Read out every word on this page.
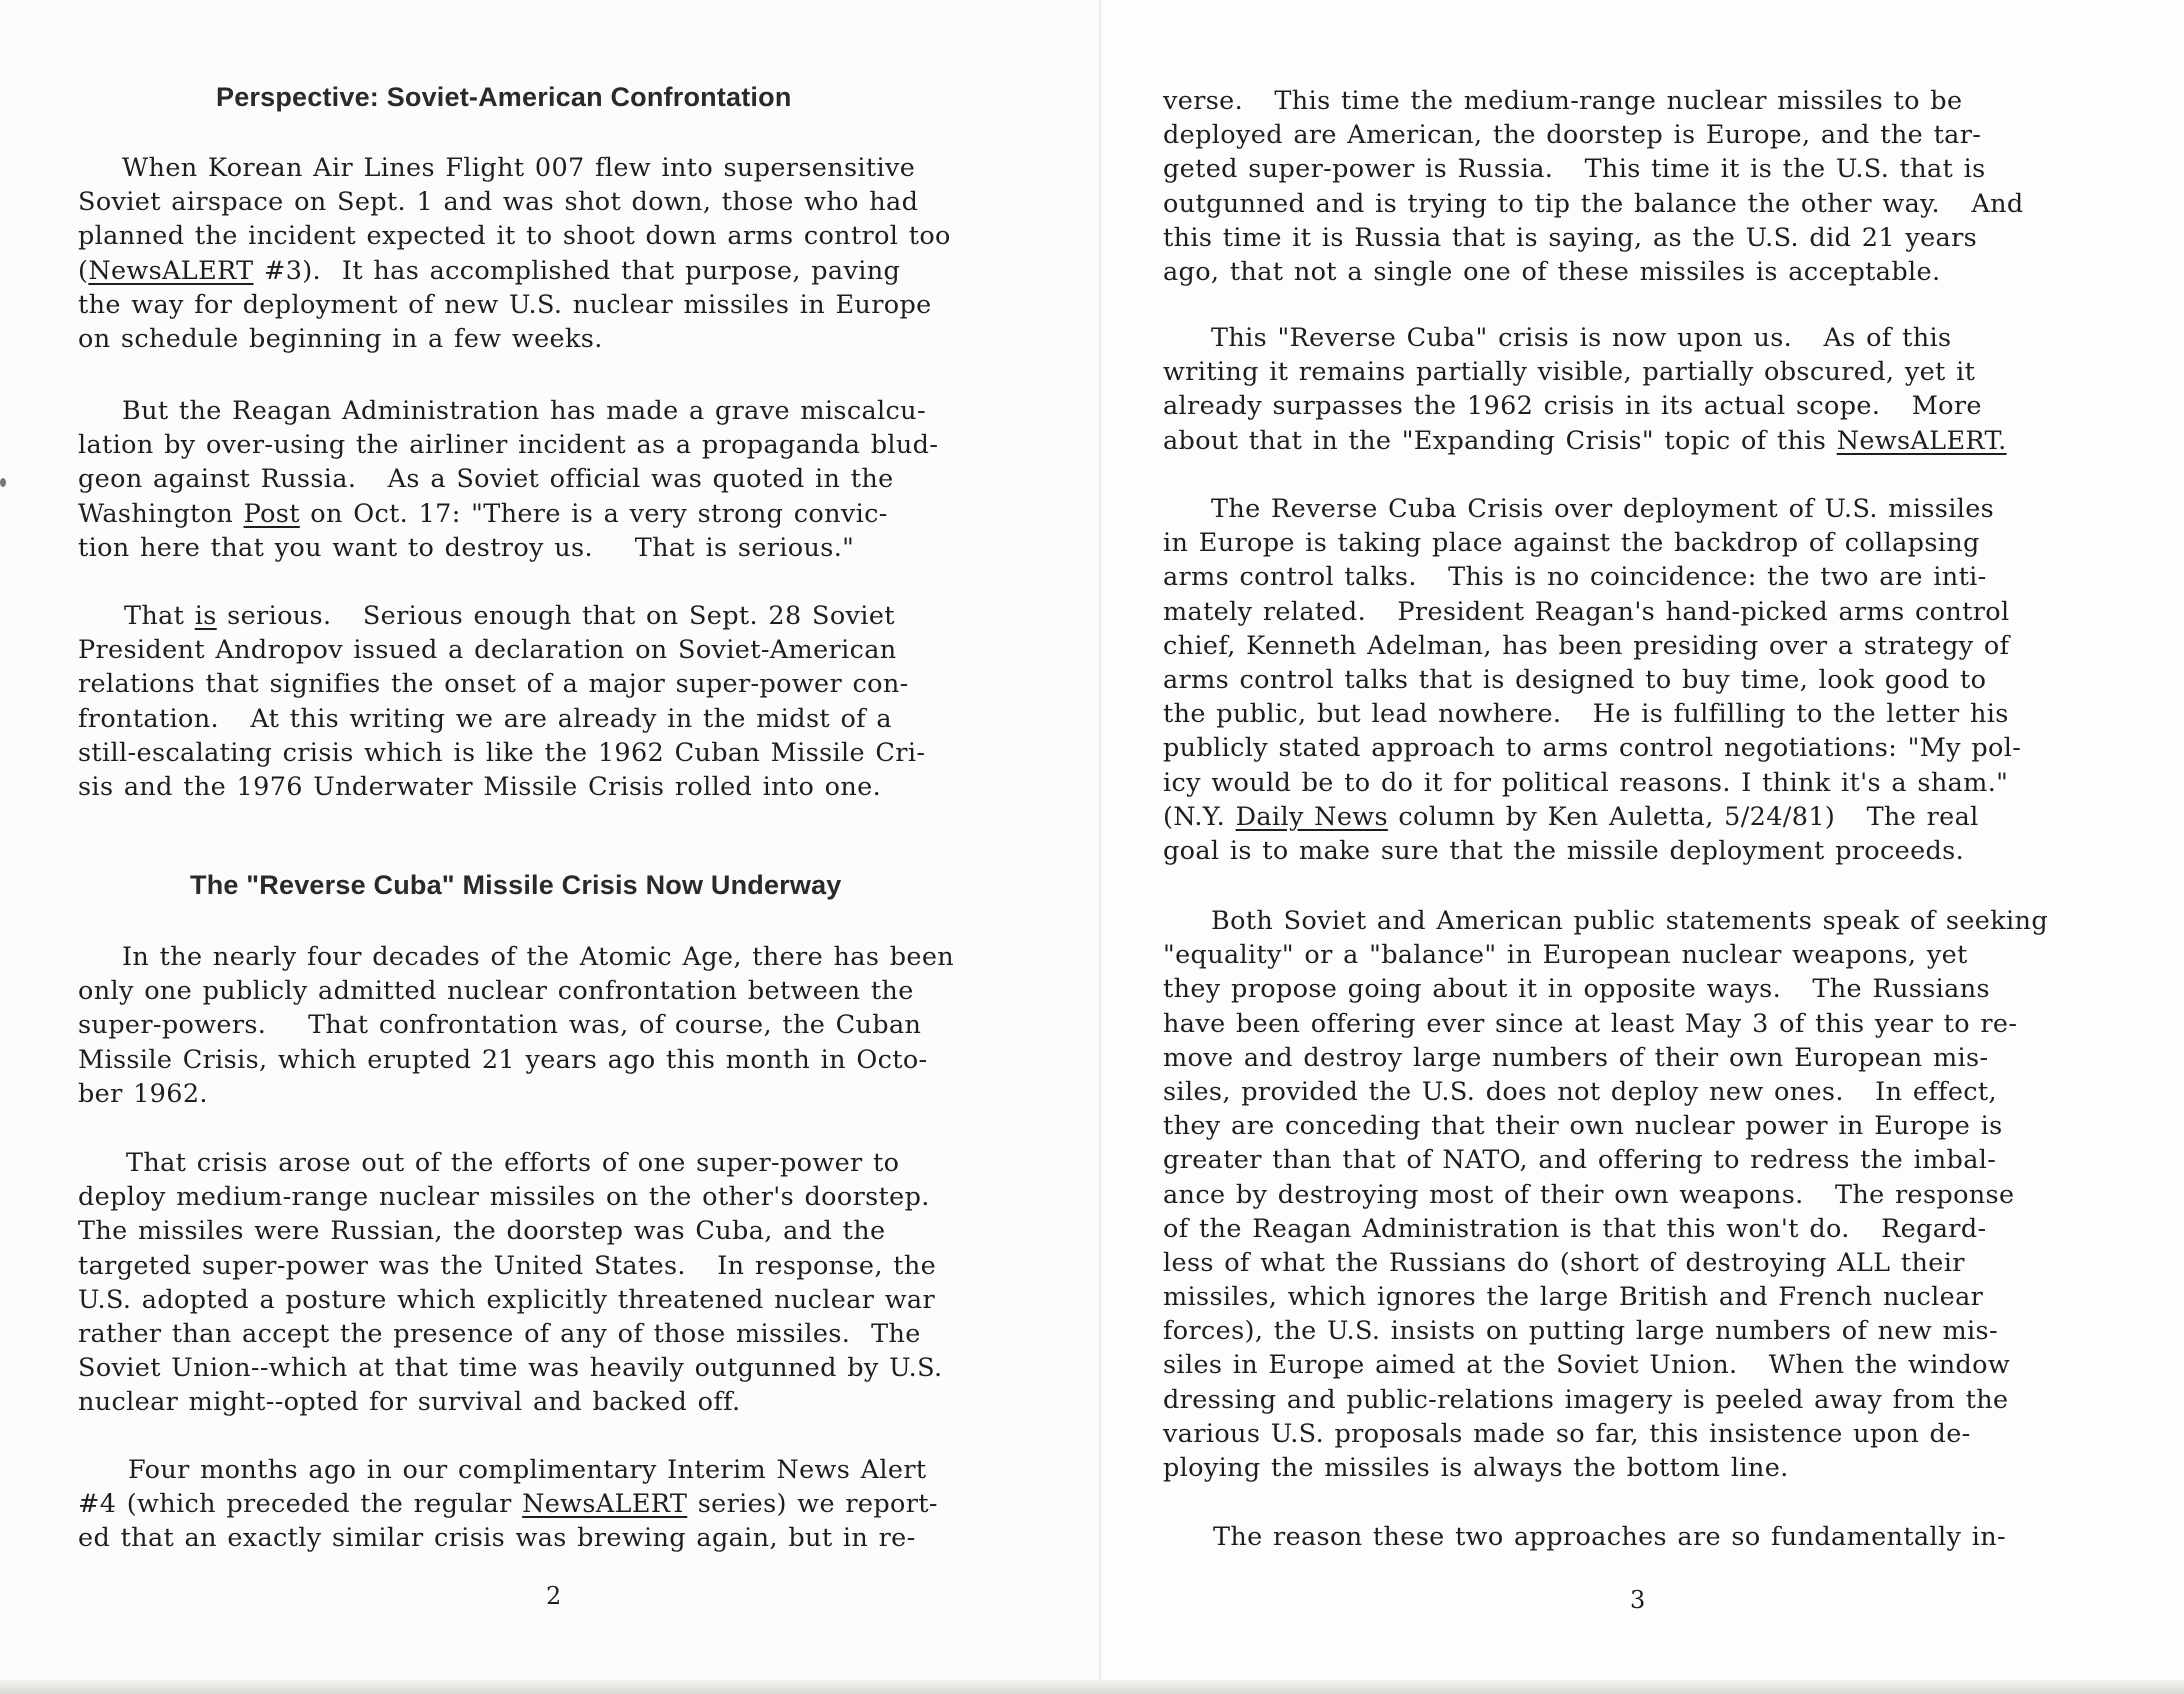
Perspective: Soviet-American Confrontation
When Korean Air Lines Flight 007 flew into supersensitive
Soviet airspace on Sept. 1 and was shot down, those who had
planned the incident expected it to shoot down arms control too
(NewsALERT #3).  It has accomplished that purpose, paving
the way for deployment of new U.S. nuclear missiles in Europe
on schedule beginning in a few weeks.
But the Reagan Administration has made a grave miscalcu-
lation by over-using the airliner incident as a propaganda blud-
geon against Russia.   As a Soviet official was quoted in the
Washington Post on Oct. 17: "There is a very strong convic-
tion here that you want to destroy us.    That is serious."
That is serious.   Serious enough that on Sept. 28 Soviet
President Andropov issued a declaration on Soviet-American
relations that signifies the onset of a major super-power con-
frontation.   At this writing we are already in the midst of a
still-escalating crisis which is like the 1962 Cuban Missile Cri-
sis and the 1976 Underwater Missile Crisis rolled into one.
The "Reverse Cuba" Missile Crisis Now Underway
In the nearly four decades of the Atomic Age, there has been
only one publicly admitted nuclear confrontation between the
super-powers.    That confrontation was, of course, the Cuban
Missile Crisis, which erupted 21 years ago this month in Octo-
ber 1962.
That crisis arose out of the efforts of one super-power to
deploy medium-range nuclear missiles on the other's doorstep.
The missiles were Russian, the doorstep was Cuba, and the
targeted super-power was the United States.   In response, the
U.S. adopted a posture which explicitly threatened nuclear war
rather than accept the presence of any of those missiles.  The
Soviet Union--which at that time was heavily outgunned by U.S.
nuclear might--opted for survival and backed off.
Four months ago in our complimentary Interim News Alert
#4 (which preceded the regular NewsALERT series) we report-
ed that an exactly similar crisis was brewing again, but in re-
2
verse.   This time the medium-range nuclear missiles to be
deployed are American, the doorstep is Europe, and the tar-
geted super-power is Russia.   This time it is the U.S. that is
outgunned and is trying to tip the balance the other way.   And
this time it is Russia that is saying, as the U.S. did 21 years
ago, that not a single one of these missiles is acceptable.
This "Reverse Cuba" crisis is now upon us.   As of this
writing it remains partially visible, partially obscured, yet it
already surpasses the 1962 crisis in its actual scope.   More
about that in the "Expanding Crisis" topic of this NewsALERT.
The Reverse Cuba Crisis over deployment of U.S. missiles
in Europe is taking place against the backdrop of collapsing
arms control talks.   This is no coincidence: the two are inti-
mately related.   President Reagan's hand-picked arms control
chief, Kenneth Adelman, has been presiding over a strategy of
arms control talks that is designed to buy time, look good to
the public, but lead nowhere.   He is fulfilling to the letter his
publicly stated approach to arms control negotiations: "My pol-
icy would be to do it for political reasons. I think it's a sham."
(N.Y. Daily News column by Ken Auletta, 5/24/81)   The real
goal is to make sure that the missile deployment proceeds.
Both Soviet and American public statements speak of seeking
"equality" or a "balance" in European nuclear weapons, yet
they propose going about it in opposite ways.   The Russians
have been offering ever since at least May 3 of this year to re-
move and destroy large numbers of their own European mis-
siles, provided the U.S. does not deploy new ones.   In effect,
they are conceding that their own nuclear power in Europe is
greater than that of NATO, and offering to redress the imbal-
ance by destroying most of their own weapons.   The response
of the Reagan Administration is that this won't do.   Regard-
less of what the Russians do (short of destroying ALL their
missiles, which ignores the large British and French nuclear
forces), the U.S. insists on putting large numbers of new mis-
siles in Europe aimed at the Soviet Union.   When the window
dressing and public-relations imagery is peeled away from the
various U.S. proposals made so far, this insistence upon de-
ploying the missiles is always the bottom line.
The reason these two approaches are so fundamentally in-
3
